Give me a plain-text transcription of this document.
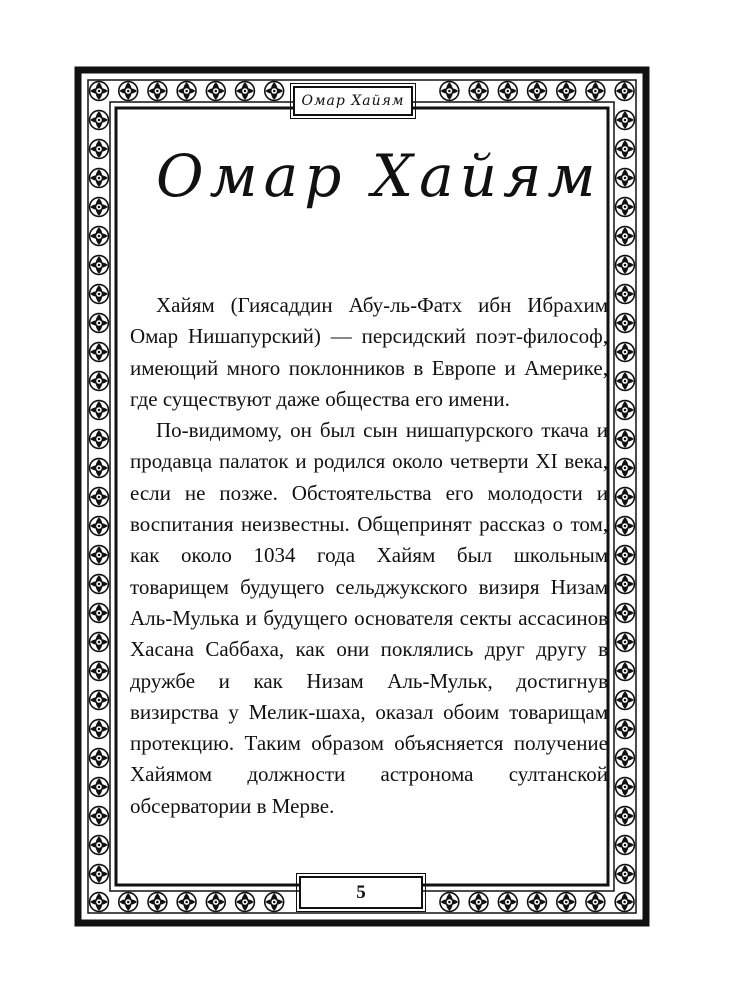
Омар Хайям
Омар Хайям

Хайям (Гиясаддин Абу-ль-Фатх ибн Ибрахим Омар Нишапурский) — персидский поэт-философ, имеющий много поклонников в Европе и Америке, где существуют даже общества его имени.

По-видимому, он был сын нишапурского ткача и продавца палаток и родился около четверти XI века, если не позже. Обстоятельства его молодости и воспитания неизвестны. Общепринят рассказ о том, как около 1034 года Хайям был школьным товарищем будущего сельджукского визиря Низам Аль-Мулька и будущего основателя секты ассасинов Хасана Саббаха, как они поклялись друг другу в дружбе и как Низам Аль-Мульк, достигнув визирства у Мелик-шаха, оказал обоим товарищам протекцию. Таким образом объясняется получение Хайямом должности астронома султанской обсерватории в Мерве.

5
